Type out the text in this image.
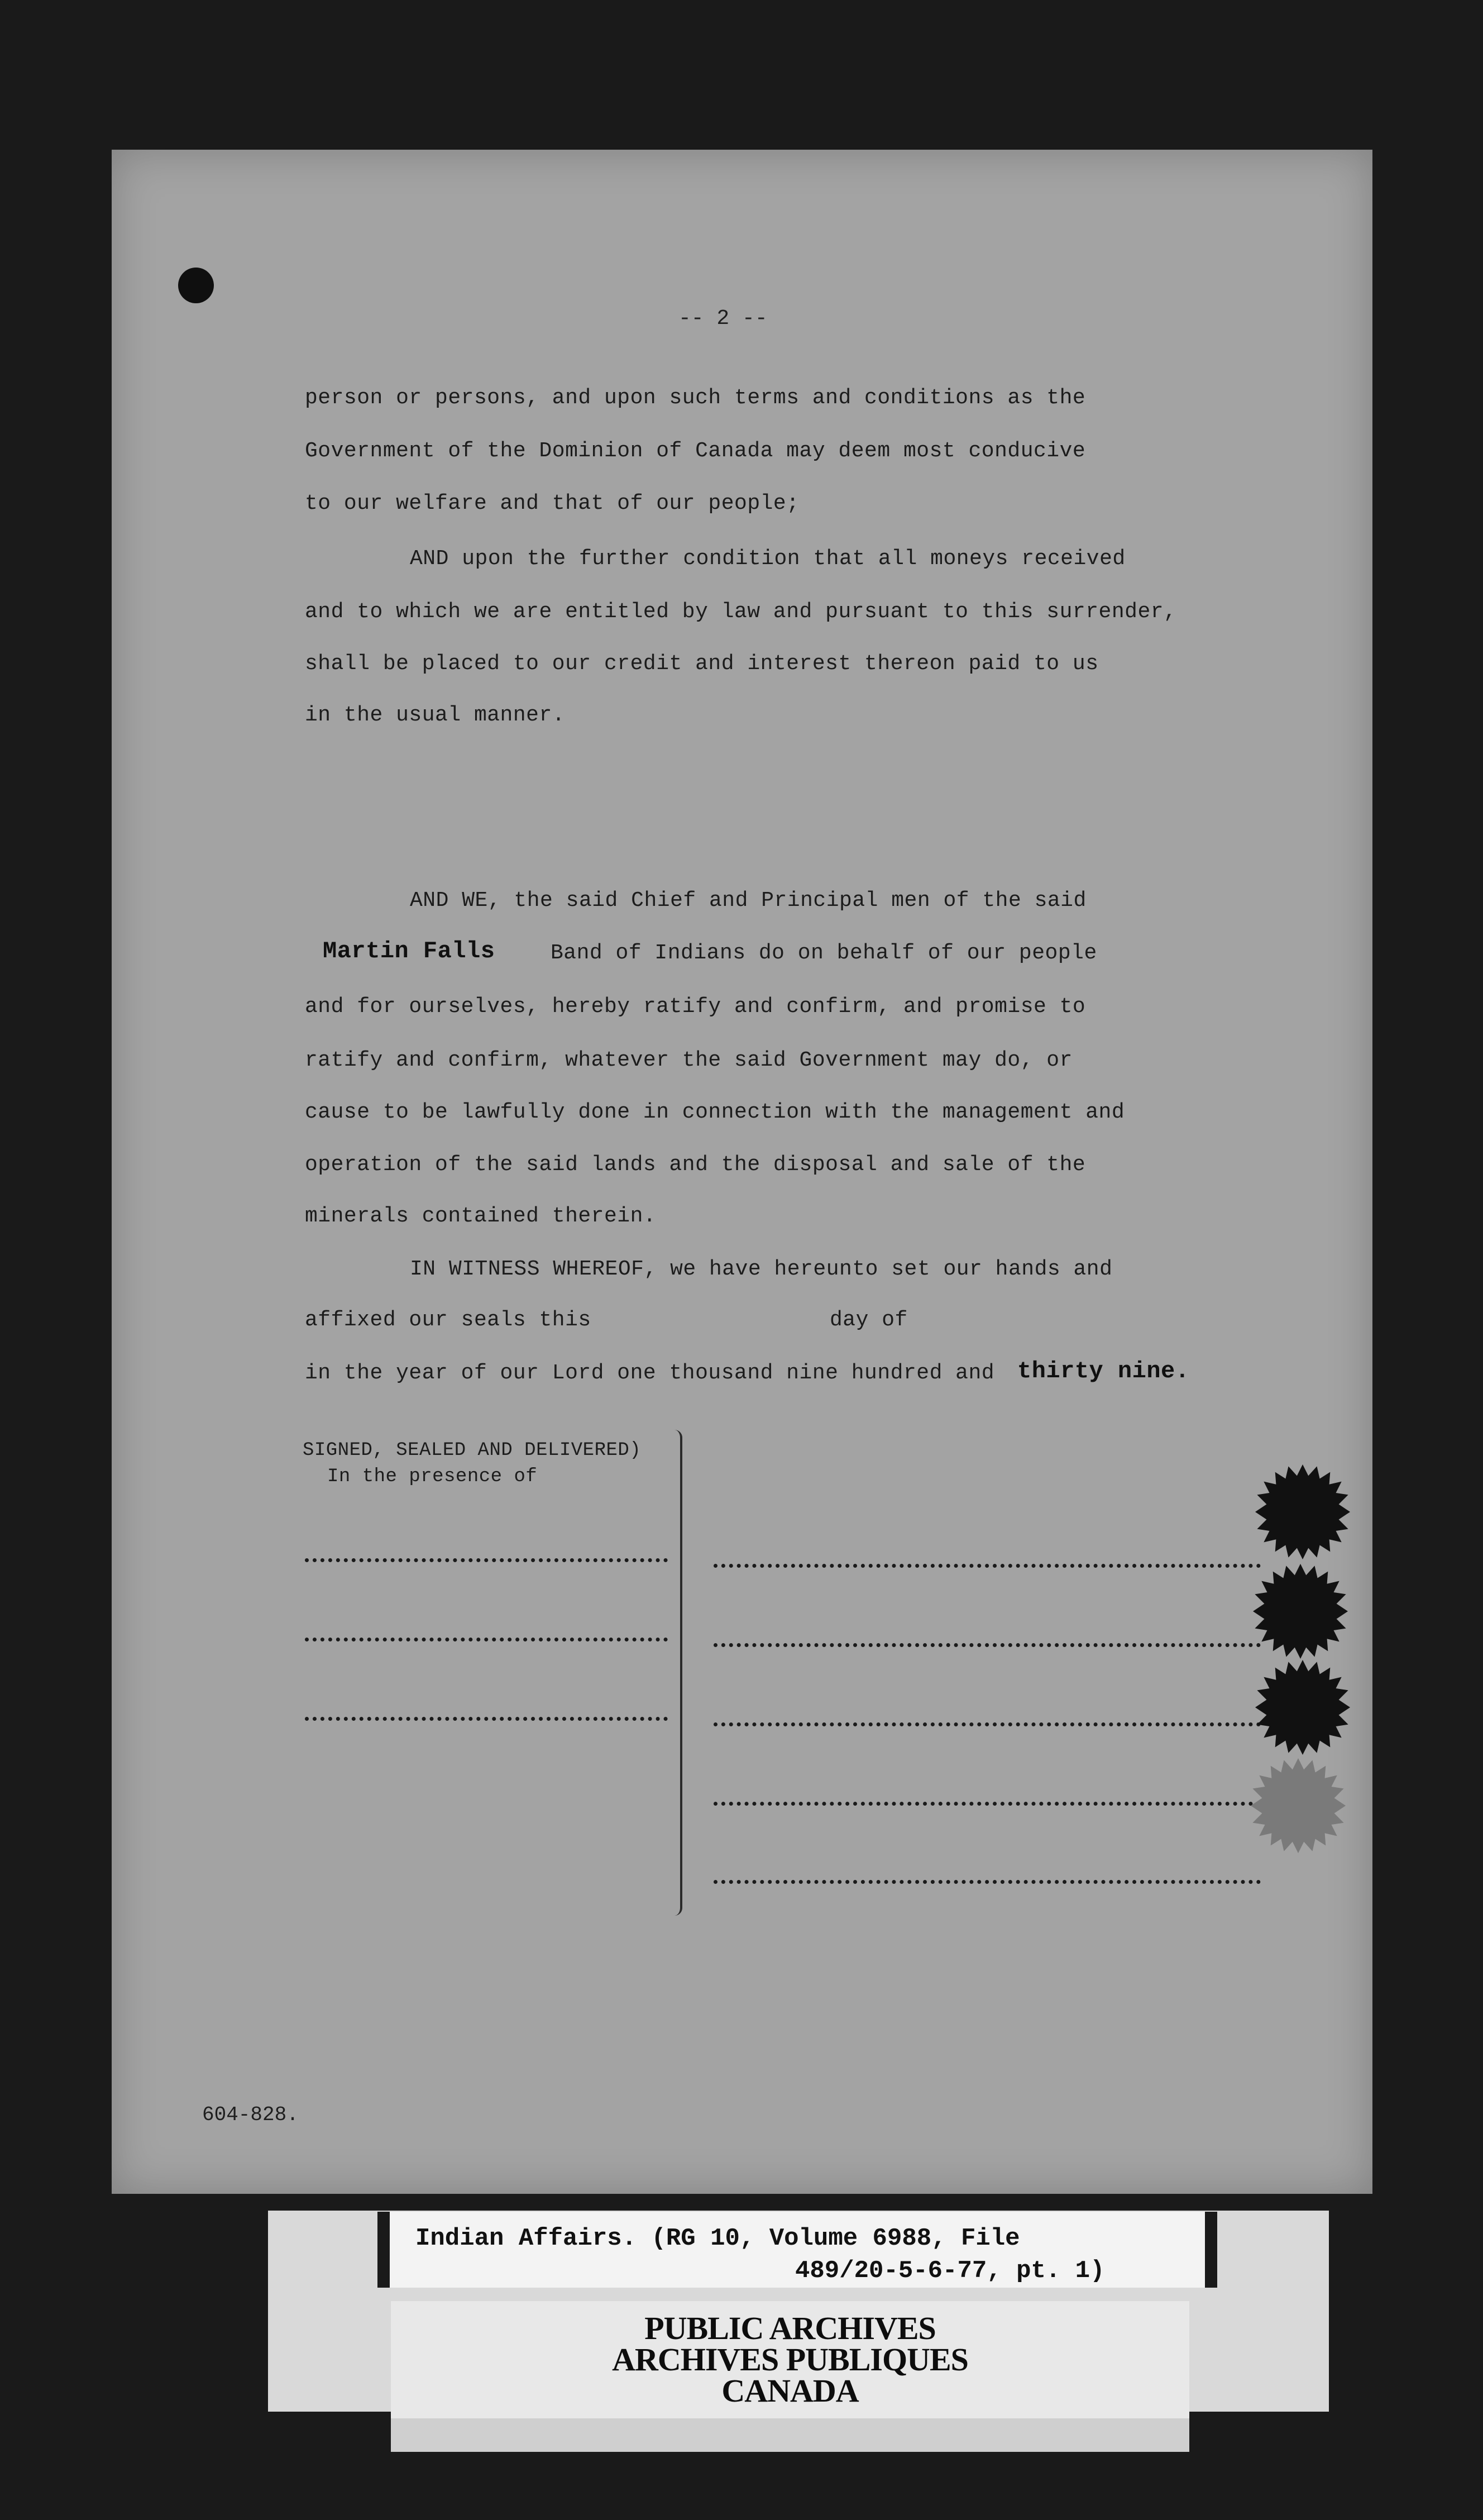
-- 2 --
person or persons, and upon such terms and conditions as the
Government of the Dominion of Canada may deem most conducive
to our welfare and that of our people;
AND upon the further condition that all moneys received
and to which we are entitled by law and pursuant to this surrender,
shall be placed to our credit and interest thereon paid to us
in the usual manner.
AND WE, the said Chief and Principal men of the said
Martin Falls	Band of Indians do on behalf of our people
and for ourselves, hereby ratify and confirm, and promise to
ratify and confirm, whatever the said Government may do, or
cause to be lawfully done in connection with the management and
operation of the said lands and the disposal and sale of the
minerals contained therein.
IN WITNESS WHEREOF, we have hereunto set our hands and
affixed our seals this	day of
in the year of our Lord one thousand nine hundred and thirty nine.
SIGNED, SEALED AND DELIVERED)
In the presence of
604-828.
Indian Affairs. (RG 10, Volume 6988, File
489/20-5-6-77, pt. 1)
PUBLIC ARCHIVES
ARCHIVES PUBLIQUES
CANADA
